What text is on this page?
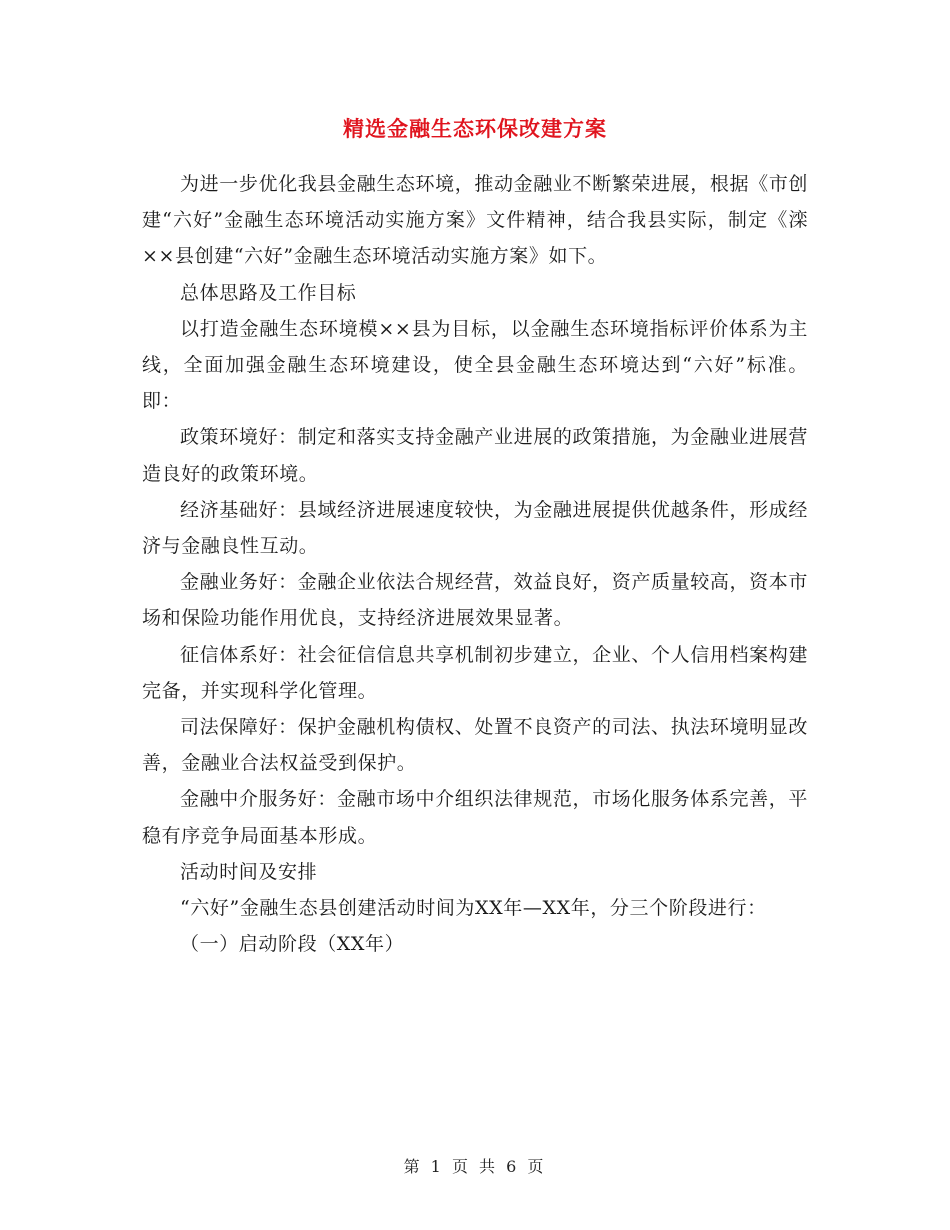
精选金融生态环保改建方案

为进一步优化我县金融生态环境，推动金融业不断繁荣进展，根据《市创建“六好”金融生态环境活动实施方案》文件精神，结合我县实际，制定《滦××县创建“六好”金融生态环境活动实施方案》如下。

总体思路及工作目标

以打造金融生态环境模××县为目标，以金融生态环境指标评价体系为主线，全面加强金融生态环境建设，使全县金融生态环境达到“六好”标准。即：

政策环境好：制定和落实支持金融产业进展的政策措施，为金融业进展营造良好的政策环境。

经济基础好：县域经济进展速度较快，为金融进展提供优越条件，形成经济与金融良性互动。

金融业务好：金融企业依法合规经营，效益良好，资产质量较高，资本市场和保险功能作用优良，支持经济进展效果显著。

征信体系好：社会征信信息共享机制初步建立，企业、个人信用档案构建完备，并实现科学化管理。

司法保障好：保护金融机构债权、处置不良资产的司法、执法环境明显改善，金融业合法权益受到保护。

金融中介服务好：金融市场中介组织法律规范，市场化服务体系完善，平稳有序竞争局面基本形成。

活动时间及安排

“六好”金融生态县创建活动时间为XX年—XX年，分三个阶段进行：

（一）启动阶段（XX年）

第 1 页 共 6 页
